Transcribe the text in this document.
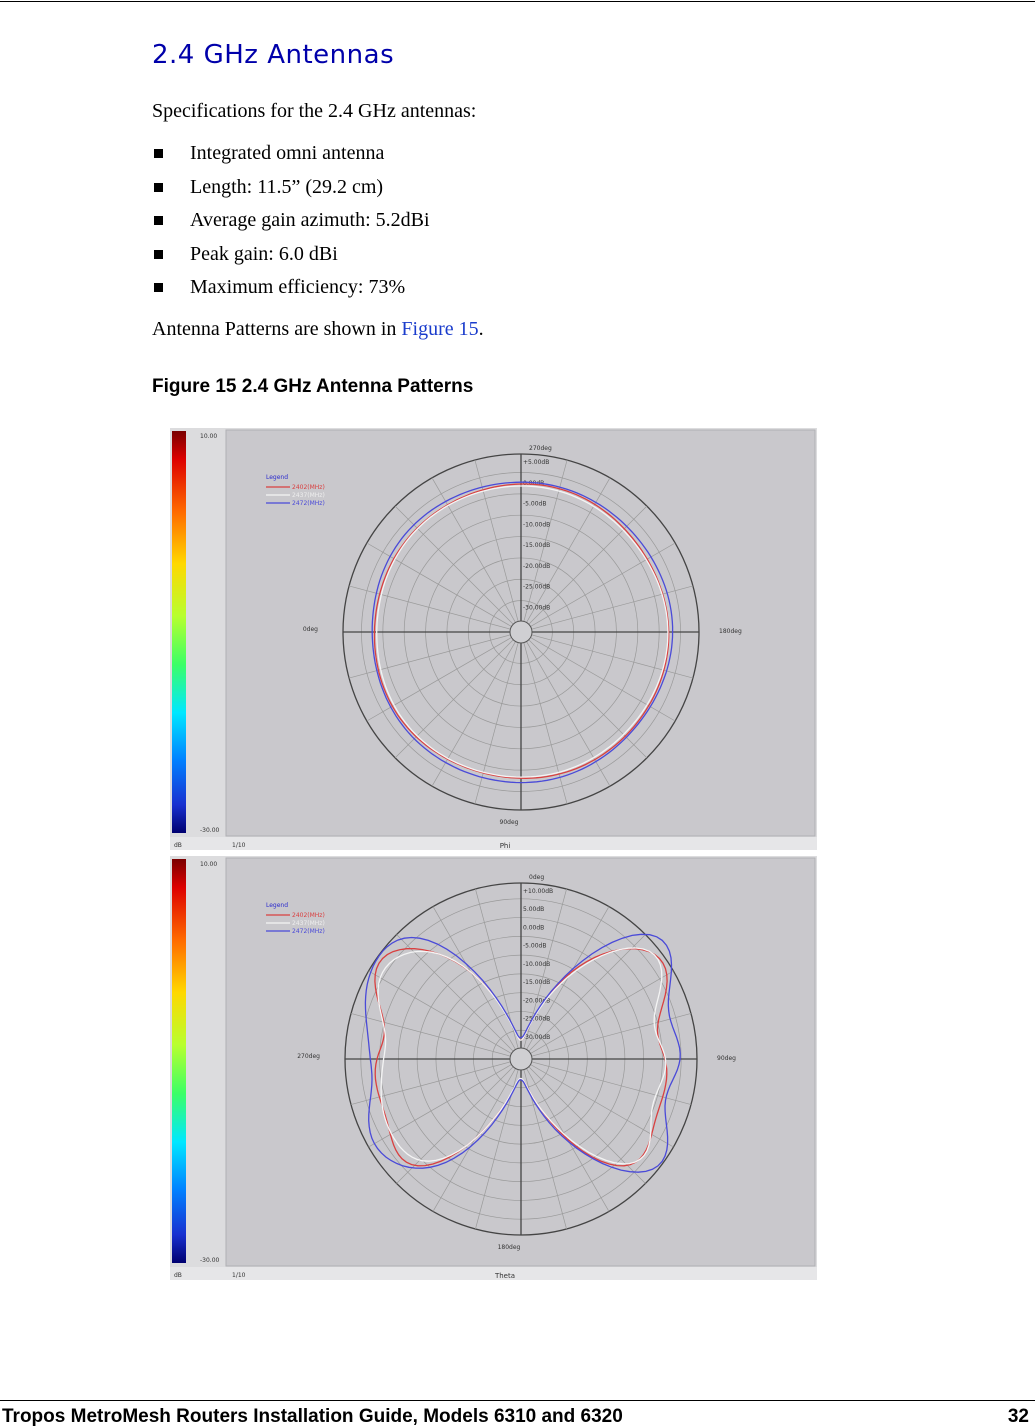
2.4 GHz Antennas
Specifications for the 2.4 GHz antennas:
Integrated omni antenna
Length: 11.5” (29.2 cm)
Average gain azimuth: 5.2dBi
Peak gain: 6.0 dBi
Maximum efficiency: 73%
Antenna Patterns are shown in Figure 15.
Figure 15 2.4 GHz Antenna Patterns
10.00
-30.00
dB	1/10	Phi
+5.00dB
0.00dB
-5.00dB
-10.00dB
-15.00dB
-20.00dB
-25.00dB
-30.00dB
270deg
0deg	180deg
90deg
Legend
2402(MHz)
2437(MHz)
2472(MHz)
10.00
-30.00
dB	1/10	Theta
+10.00dB
5.00dB
0.00dB
-5.00dB
-10.00dB
-15.00dB
-20.00dB
-25.00dB
-30.00dB
0deg
270deg	90deg
180deg
Legend
2402(MHz)
2437(MHz)
2472(MHz)
Tropos MetroMesh Routers Installation Guide, Models 6310 and 6320	32
